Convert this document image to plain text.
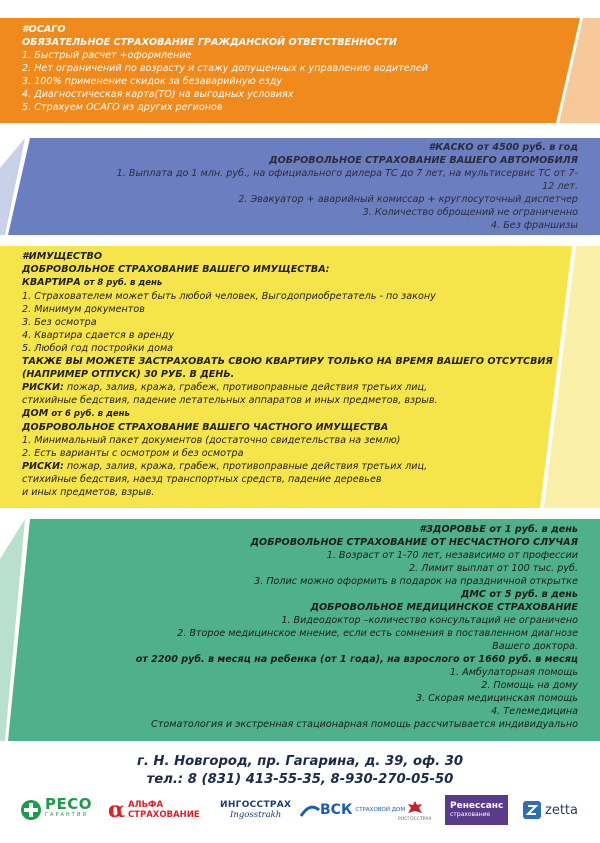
#ОСАГО
ОБЯЗАТЕЛЬНОЕ СТРАХОВАНИЕ ГРАЖДАНСКОЙ ОТВЕТСТВЕННОСТИ
1. Быстрый расчет +оформление
2. Нет ограничений по возрасту и стажу допущенных к управлению водителей
3. 100% применение скидок за безаварийную езду
4. Диагностическая карта(ТО) на выгодных условиях
5. Страхуем ОСАГО из других регионов
#КАСКО от 4500 руб. в год
ДОБРОВОЛЬНОЕ СТРАХОВАНИЕ ВАШЕГО АВТОМОБИЛЯ
1. Выплата до 1 млн. руб., на официального дилера ТС до 7 лет, на мультисервис ТС от 7-12 лет.
2. Эвакуатор + аварийный комиссар + круглосуточный диспетчер
3. Количество оброщений не ограниченно
4. Без франшизы
#ИМУЩЕСТВО
ДОБРОВОЛЬНОЕ СТРАХОВАНИЕ ВАШЕГО ИМУЩЕСТВА:
КВАРТИРА от 8 руб. в день
1. Страхователем может быть любой человек, Выгодоприобретатель - по закону
2. Минимум документов
3. Без осмотра
4. Квартира сдается в аренду
5. Любой год постройки дома
ТАКЖЕ ВЫ МОЖЕТЕ ЗАСТРАХОВАТЬ СВОЮ КВАРТИРУ ТОЛЬКО НА ВРЕМЯ ВАШЕГО ОТСУТСВИЯ
(НАПРИМЕР ОТПУСК) 30 РУБ. В ДЕНЬ.
РИСКИ: пожар, залив, кража, грабеж, противоправные действия третьих лиц,
стихийные бедствия, падение летательных аппаратов и иных предметов, взрыв.
ДОМ от 6 руб. в день
ДОБРОВОЛЬНОЕ СТРАХОВАНИЕ ВАШЕГО ЧАСТНОГО ИМУЩЕСТВА
1. Минимальный пакет документов (достаточно свидетельства на землю)
2. Есть варианты с осмотром и без осмотра
РИСКИ: пожар, залив, кража, грабеж, противоправные действия третьих лиц,
стихийные бедствия, наезд транспортных средств, падение деревьев
и иных предметов, взрыв.
#ЗДОРОВЬЕ от 1 руб. в день
ДОБРОВОЛЬНОЕ СТРАХОВАНИЕ ОТ НЕСЧАСТНОГО СЛУЧАЯ
1. Возраст от 1-70 лет, независимо от профессии
2. Лимит выплат от 100 тыс. руб.
3. Полис можно оформить в подарок на праздничной открытке
ДМС от 5 руб. в день
ДОБРОВОЛЬНОЕ МЕДИЦИНСКОЕ СТРАХОВАНИЕ
1. Видеодоктор –количество консультаций не ограничено
2. Второе медицинское мнение, если есть сомнения в поставленном диагнозе Вашего доктора.
от 2200 руб. в месяц на ребенка (от 1 года), на взрослого от 1660 руб. в месяц
1. Амбулаторная помощь
2. Помощь на дому
3. Скорая медицинская помощь
4. Телемедицина
Стоматология и экстренная стационарная помощь рассчитывается индивидуально
г. Н. Новгород, пр. Гагарина, д. 39, оф. 30
тел.: 8 (831) 413-55-35, 8-930-270-05-50
РЕСО
ГАРАНТИЯ α АЛЬФА
СТРАХОВАНИЕ
ИНГОССТРАХ
Ingosstrakh	ВСК СТРАХОВОЙ ДОМ
РОСГОССТРАХ
Ренессанс
страхование	zetta
